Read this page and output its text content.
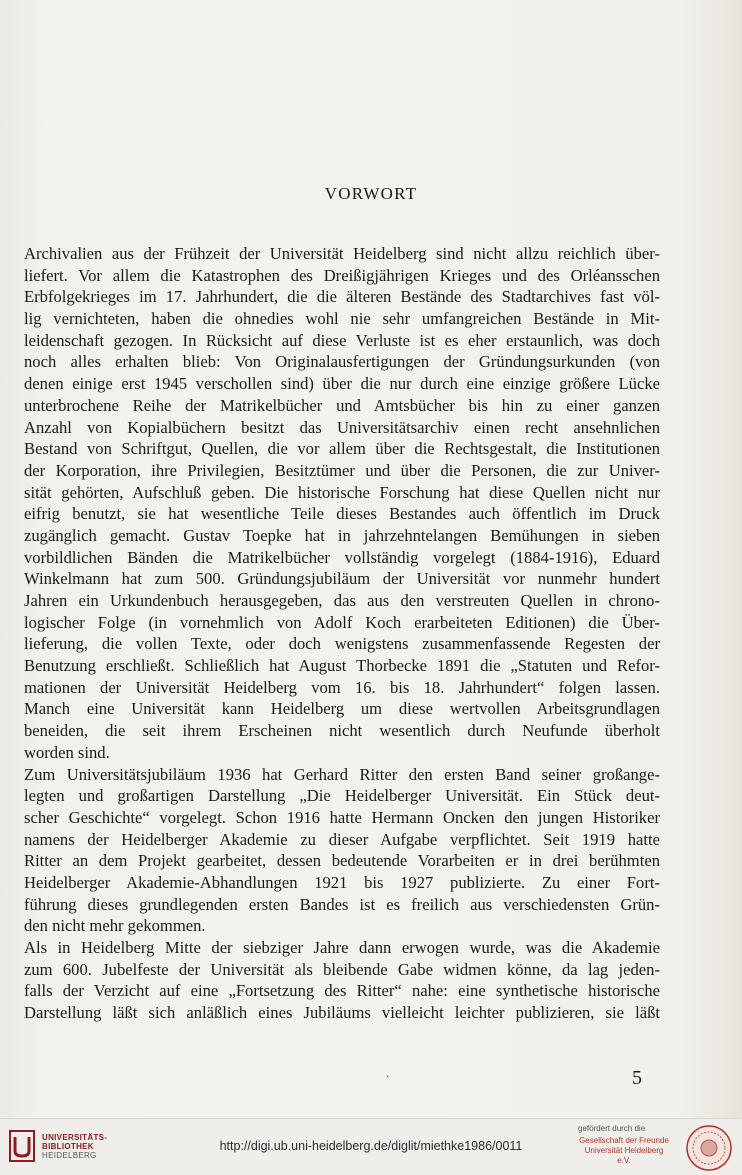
VORWORT
Archivalien aus der Frühzeit der Universität Heidelberg sind nicht allzu reichlich über-
liefert. Vor allem die Katastrophen des Dreißigjährigen Krieges und des Orléansschen
Erbfolgekrieges im 17. Jahrhundert, die die älteren Bestände des Stadtarchives fast völ-
lig vernichteten, haben die ohnedies wohl nie sehr umfangreichen Bestände in Mit-
leidenschaft gezogen. In Rücksicht auf diese Verluste ist es eher erstaunlich, was doch
noch alles erhalten blieb: Von Originalausfertigungen der Gründungsurkunden (von
denen einige erst 1945 verschollen sind) über die nur durch eine einzige größere Lücke
unterbrochene Reihe der Matrikelbücher und Amtsbücher bis hin zu einer ganzen
Anzahl von Kopialbüchern besitzt das Universitätsarchiv einen recht ansehnlichen
Bestand von Schriftgut, Quellen, die vor allem über die Rechtsgestalt, die Institutionen
der Korporation, ihre Privilegien, Besitztümer und über die Personen, die zur Univer-
sität gehörten, Aufschluß geben. Die historische Forschung hat diese Quellen nicht nur
eifrig benutzt, sie hat wesentliche Teile dieses Bestandes auch öffentlich im Druck
zugänglich gemacht. Gustav Toepke hat in jahrzehntelangen Bemühungen in sieben
vorbildlichen Bänden die Matrikelbücher vollständig vorgelegt (1884-1916), Eduard
Winkelmann hat zum 500. Gründungsjubiläum der Universität vor nunmehr hundert
Jahren ein Urkundenbuch herausgegeben, das aus den verstreuten Quellen in chrono-
logischer Folge (in vornehmlich von Adolf Koch erarbeiteten Editionen) die Über-
lieferung, die vollen Texte, oder doch wenigstens zusammenfassende Regesten der
Benutzung erschließt. Schließlich hat August Thorbecke 1891 die „Statuten und Refor-
mationen der Universität Heidelberg vom 16. bis 18. Jahrhundert“ folgen lassen.
Manch eine Universität kann Heidelberg um diese wertvollen Arbeitsgrundlagen
beneiden, die seit ihrem Erscheinen nicht wesentlich durch Neufunde überholt
worden sind.
Zum Universitätsjubiläum 1936 hat Gerhard Ritter den ersten Band seiner großange-
legten und großartigen Darstellung „Die Heidelberger Universität. Ein Stück deut-
scher Geschichte“ vorgelegt. Schon 1916 hatte Hermann Oncken den jungen Historiker
namens der Heidelberger Akademie zu dieser Aufgabe verpflichtet. Seit 1919 hatte
Ritter an dem Projekt gearbeitet, dessen bedeutende Vorarbeiten er in drei berühmten
Heidelberger Akademie-Abhandlungen 1921 bis 1927 publizierte. Zu einer Fort-
führung dieses grundlegenden ersten Bandes ist es freilich aus verschiedensten Grün-
den nicht mehr gekommen.
Als in Heidelberg Mitte der siebziger Jahre dann erwogen wurde, was die Akademie
zum 600. Jubelfeste der Universität als bleibende Gabe widmen könne, da lag jeden-
falls der Verzicht auf eine „Fortsetzung des Ritter“ nahe: eine synthetische historische
Darstellung läßt sich anläßlich eines Jubiläums vielleicht leichter publizieren, sie läßt
·	5
UNIVERSITÄTS-
BIBLIOTHEK
HEIDELBERG
http://digi.ub.uni-heidelberg.de/diglit/miethke1986/0011
gefördert durch die
Gesellschaft der Freunde
Universität Heidelberg e.V.
